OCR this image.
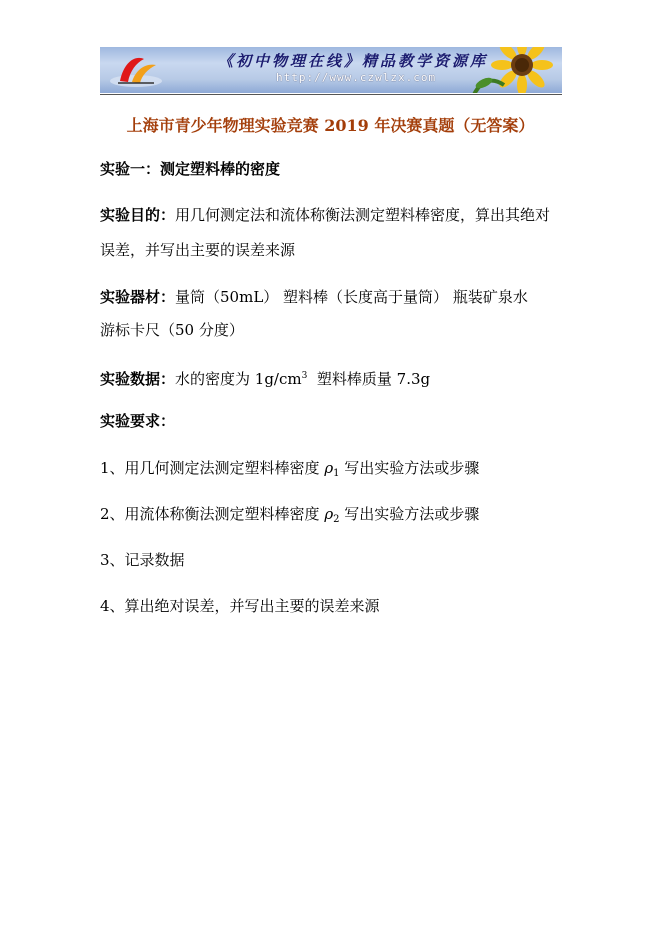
《初中物理在线》精品教学资源库
http://www.czwlzx.com
上海市青少年物理实验竞赛 2019 年决赛真题（无答案）
实验一：测定塑料棒的密度
实验目的：用几何测定法和流体称衡法测定塑料棒密度，算出其绝对
误差，并写出主要的误差来源
实验器材：量筒（50mL） 塑料棒（长度高于量筒） 瓶装矿泉水
游标卡尺（50 分度）
实验数据：水的密度为 $1g/cm^3$ 塑料棒质量 7.3g
实验要求：
1、用几何测定法测定塑料棒密度 $\rho_1$ 写出实验方法或步骤
2、用流体称衡法测定塑料棒密度 $\rho_2$ 写出实验方法或步骤
3、记录数据
4、算出绝对误差，并写出主要的误差来源
